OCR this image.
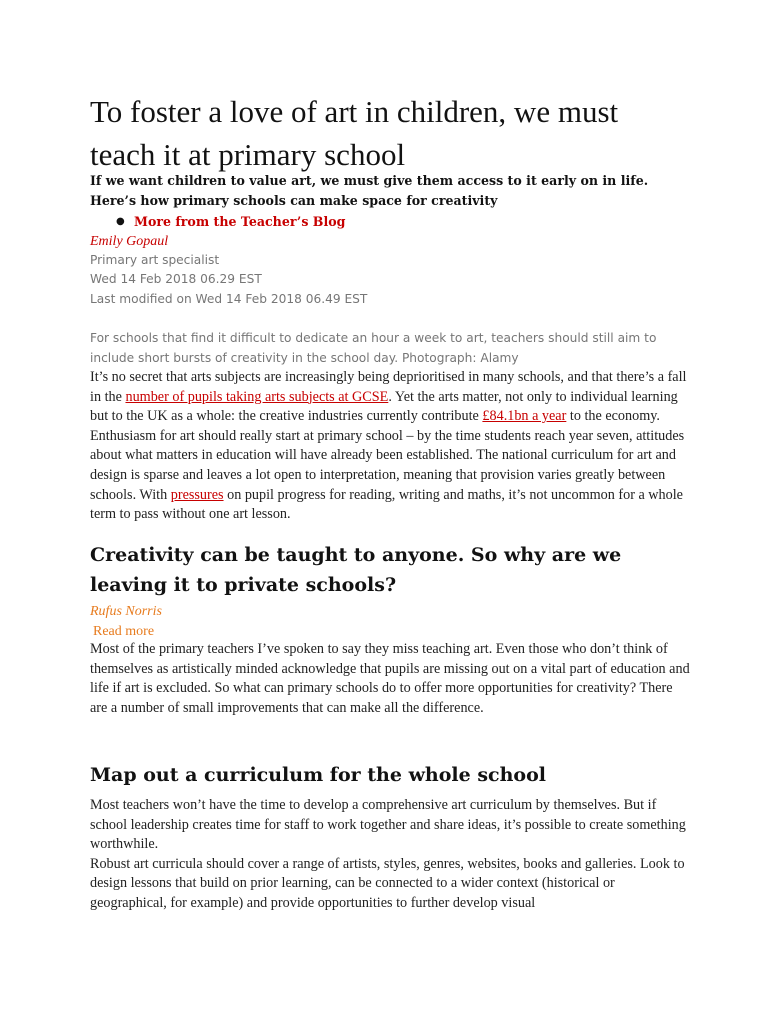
To foster a love of art in children, we must teach it at primary school

If we want children to value art, we must give them access to it early on in life. Here’s how primary schools can make space for creativity

● More from the Teacher’s Blog
Emily Gopaul
Primary art specialist
Wed 14 Feb 2018 06.29 EST
Last modified on Wed 14 Feb 2018 06.49 EST
For schools that find it difficult to dedicate an hour a week to art, teachers should still aim to include short bursts of creativity in the school day. Photograph: Alamy

It’s no secret that arts subjects are increasingly being deprioritised in many schools, and that there’s a fall in the number of pupils taking arts subjects at GCSE. Yet the arts matter, not only to individual learning but to the UK as a whole: the creative industries currently contribute £84.1bn a year to the economy.

Enthusiasm for art should really start at primary school – by the time students reach year seven, attitudes about what matters in education will have already been established. The national curriculum for art and design is sparse and leaves a lot open to interpretation, meaning that provision varies greatly between schools. With pressures on pupil progress for reading, writing and maths, it’s not uncommon for a whole term to pass without one art lesson.

Creativity can be taught to anyone. So why are we leaving it to private schools?
Rufus Norris
Read more

Most of the primary teachers I’ve spoken to say they miss teaching art. Even those who don’t think of themselves as artistically minded acknowledge that pupils are missing out on a vital part of education and life if art is excluded. So what can primary schools do to offer more opportunities for creativity? There are a number of small improvements that can make all the difference.

Map out a curriculum for the whole school

Most teachers won’t have the time to develop a comprehensive art curriculum by themselves. But if school leadership creates time for staff to work together and share ideas, it’s possible to create something worthwhile.

Robust art curricula should cover a range of artists, styles, genres, websites, books and galleries. Look to design lessons that build on prior learning, can be connected to a wider context (historical or geographical, for example) and provide opportunities to further develop visual
